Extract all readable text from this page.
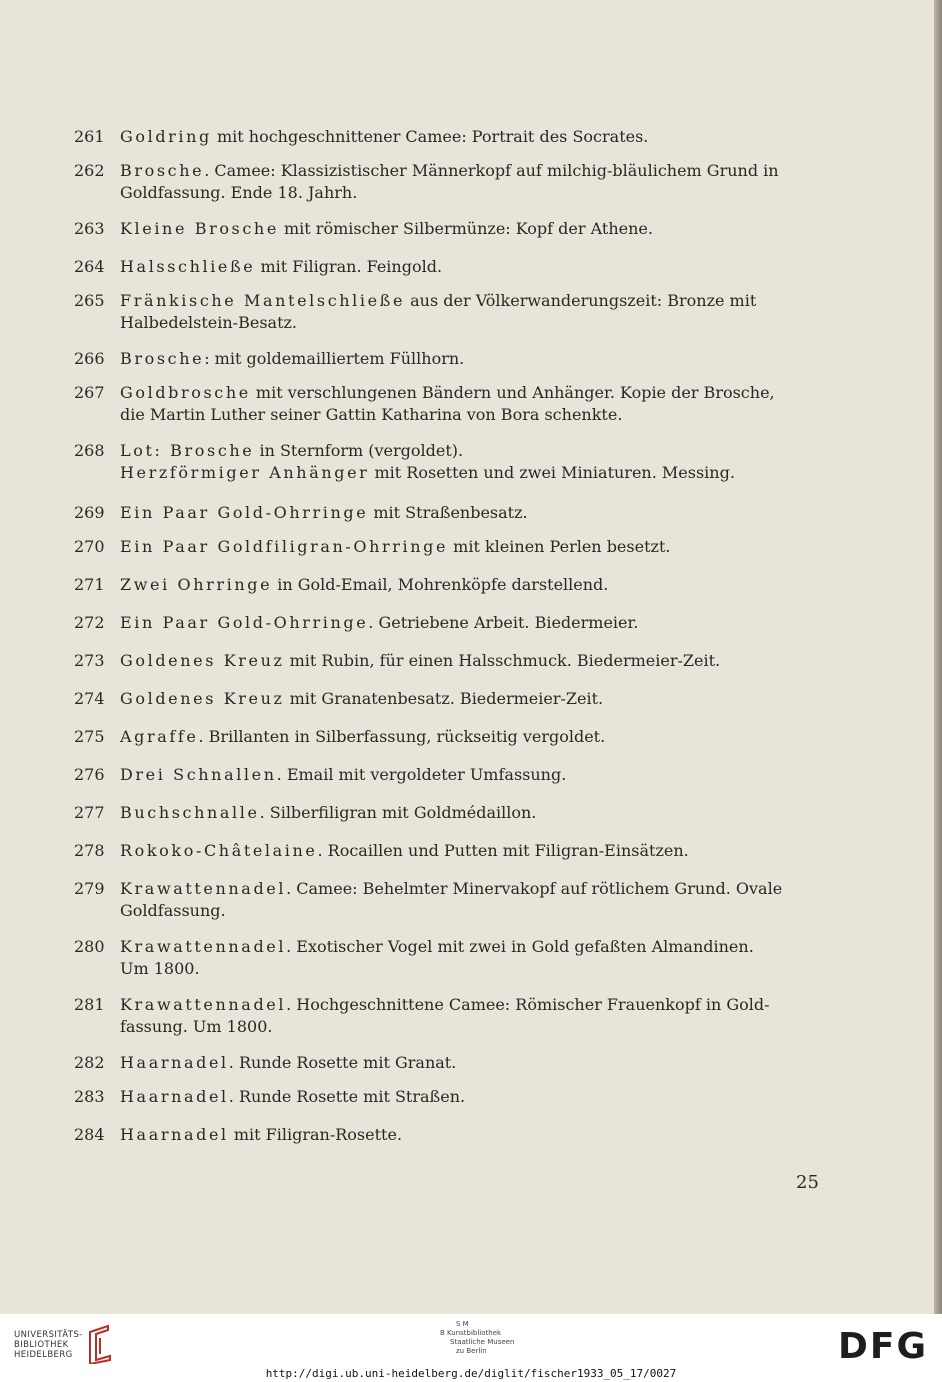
261 Goldring mit hochgeschnittener Camee: Portrait des Socrates.
262 Brosche. Camee: Klassizistischer Männerkopf auf milchig-bläulichem Grund in
Goldfassung. Ende 18. Jahrh.
263 Kleine Brosche mit römischer Silbermünze: Kopf der Athene.
264 Halsschließe mit Filigran. Feingold.
265 Fränkische Mantelschließe aus der Völkerwanderungszeit: Bronze mit
Halbedelstein-Besatz.
266 Brosche: mit goldemailliertem Füllhorn.
267 Goldbrosche mit verschlungenen Bändern und Anhänger. Kopie der Brosche,
die Martin Luther seiner Gattin Katharina von Bora schenkte.
268 Lot: Brosche in Sternform (vergoldet).
Herzförmiger Anhänger mit Rosetten und zwei Miniaturen. Messing.
269 Ein Paar Gold-Ohrringe mit Straßenbesatz.
270 Ein Paar Goldfiligran-Ohrringe mit kleinen Perlen besetzt.
271 Zwei Ohrringe in Gold-Email, Mohrenköpfe darstellend.
272 Ein Paar Gold-Ohrringe. Getriebene Arbeit. Biedermeier.
273 Goldenes Kreuz mit Rubin, für einen Halsschmuck. Biedermeier-Zeit.
274 Goldenes Kreuz mit Granatenbesatz. Biedermeier-Zeit.
275 Agraffe. Brillanten in Silberfassung, rückseitig vergoldet.
276 Drei Schnallen. Email mit vergoldeter Umfassung.
277 Buchschnalle. Silberfiligran mit Goldmédaillon.
278 Rokoko-Châtelaine. Rocaillen und Putten mit Filigran-Einsätzen.
279 Krawattennadel. Camee: Behelmter Minervakopf auf rötlichem Grund. Ovale
Goldfassung.
280 Krawattennadel. Exotischer Vogel mit zwei in Gold gefaßten Almandinen.
Um 1800.
281 Krawattennadel. Hochgeschnittene Camee: Römischer Frauenkopf in Gold-
fassung. Um 1800.
282 Haarnadel. Runde Rosette mit Granat.
283 Haarnadel. Runde Rosette mit Straßen.
284 Haarnadel mit Filigran-Rosette.
25
UNIVERSITÄTS-
BIBLIOTHEK
HEIDELBERG
S M
B Kunstbibliothek
Staatliche Museen
zu Berlin	DFG
http://digi.ub.uni-heidelberg.de/diglit/fischer1933_05_17/0027
